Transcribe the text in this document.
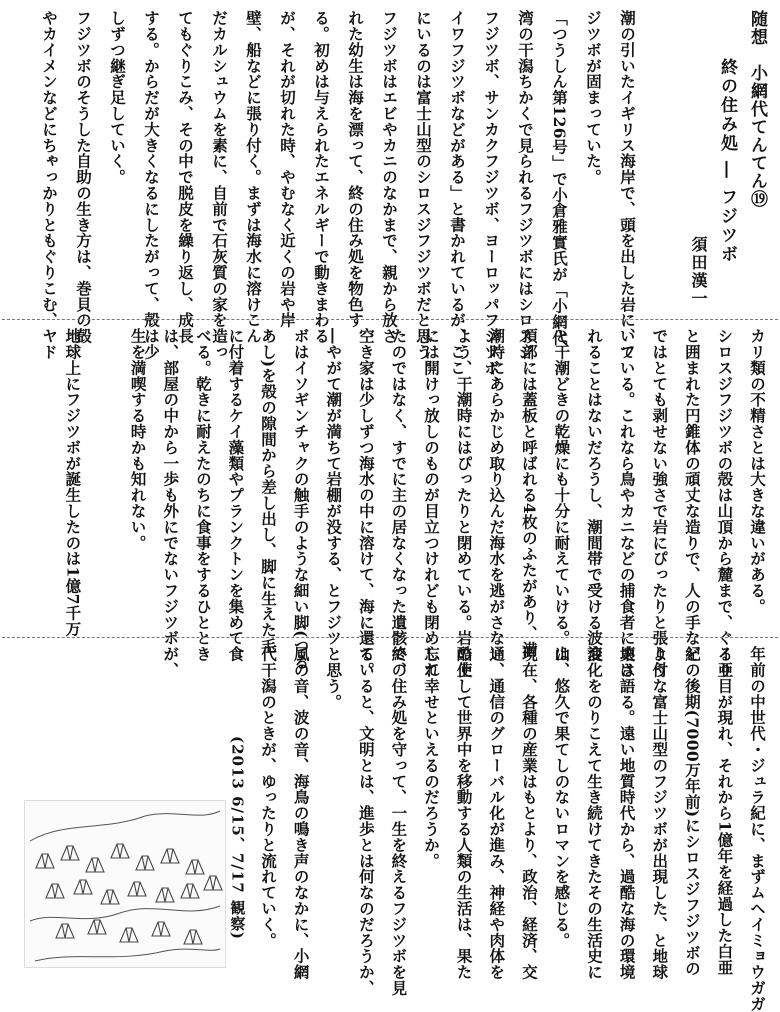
随想　小網代てんてん⑲
終の住み処 ― フジツボ
須田漢一

潮の引いたイギリス海岸で、頭を出した岩に、フ

ジツボが固まっていた。

「つうしん第126号」で小倉雅實氏が「小網代

湾の干潟ちかくで見られるフジツボにはシロスジ

フジツボ、サンカクフジツボ、ヨーロッパフジツボ、

イワフジツボなどがある」と書かれているが、ここ

にいるのは富士山型のシロスジフジツボだと思う。

フジツボはエビやカニのなかまで、親から放さ

れた幼生は海を漂って、終の住み処を物色す

る。初めは与えられたエネルギーで動きまわる

が、それが切れた時、やむなく近くの岩や岸

壁、船などに張り付く。まずは海水に溶けこん

だカルシュウムを素に、自前で石灰質の家を造っ

てもぐりこみ、その中で脱皮を繰り返し、成長

する。からだが大きくなるにしたがって、殻は少

しずつ継ぎ足していく。

フジツボのそうした自助の生き方は、巻貝の殻

やカイメンなどにちゃっかりともぐりこむ、ヤド

カリ類の不精さとは大きな違いがある。

シロスジフジツボの殻は山頂から麓まで、ぐるり

と囲まれた円錐体の頑丈な造りで、人の手など

ではとても剥せない強さで岩にぴったりと張り付

いている。これなら鳥やカニなどの捕食者に壊さ

れることはないだろうし、潮間帯で受ける波浪

と干潮どきの乾燥にも十分に耐えていける。山

頂部には蓋板と呼ばれる4枚のふたがあり、満

潮時にあらかじめ取り込んだ海水を逃がさない

よう、干潮時にはぴったりと閉めている。岩の上

には開けっ放しのものが目立つけれども閉め忘れ

たのではなく、すでに主の居なくなった遺骸で、

空き家は少しずつ海水の中に溶けて、海に還る。

―やがて潮が満ちて岩棚が没する、とフジツ

ボはイソギンチャクの触手のような細い脚(つる

あし)を殻の隙間から差し出し、脚に生えた毛

に付着するケイ藻類やプランクトンを集めて食

べる。乾きに耐えたのちに食事をするひととき

は、部屋の中から一歩も外にでないフジツボが、

生を満喫する時かも知れない。

地球上にフジツボが誕生したのは1億7千万

(2013 6/15、7/17 観察)	年前の中世代・ジュラ紀に、まずムヘイミョウガガ

イ亜目が現れ、それから1億年を経過した白亜

紀の後期(7000万年前)にシロスジフジツボの

ような富士山型のフジツボが出現した、と地球

史は語る。遠い地質時代から、過酷な海の環境

変化をのりこえて生き続けてきたその生活史に

は、悠久で果てしのないロマンを感じる。

現在、各種の産業はもとより、政治、経済、交

通、通信のグローバル化が進み、神経や肉体を

酷使して世界中を移動する人類の生活は、果た

して幸せといえるのだろうか。

終の住み処を守って、一生を終えるフジツボを見

ていると、文明とは、進歩とは何なのだろうか、

と思う。

風の音、波の音、海鳥の鳴き声のなかに、小網

代干潟のときが、ゆったりと流れていく。
